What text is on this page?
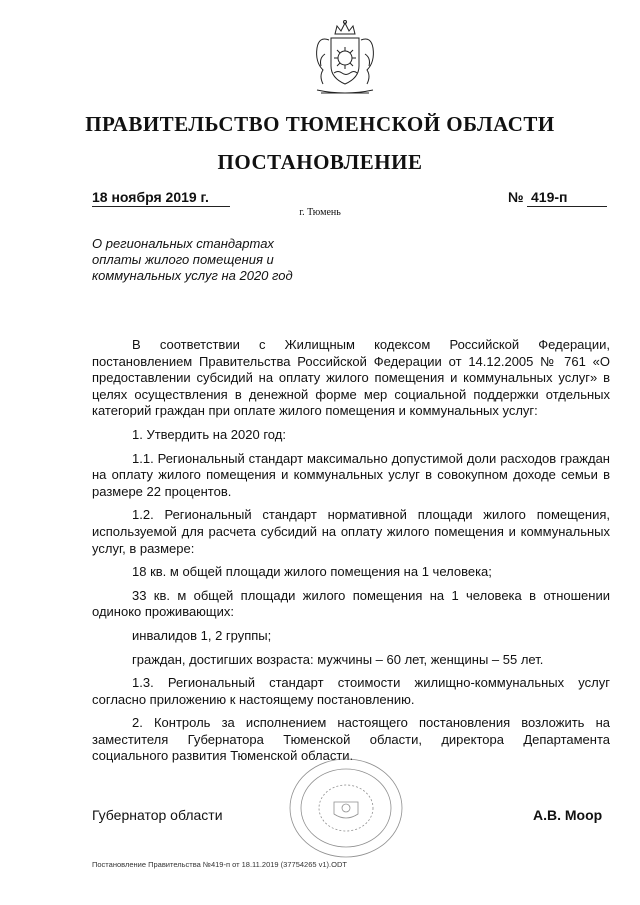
ПРАВИТЕЛЬСТВО ТЮМЕНСКОЙ ОБЛАСТИ
ПОСТАНОВЛЕНИЕ
18 ноября 2019 г.	№ 419-п
г. Тюмень
О региональных стандартах
оплаты жилого помещения и
коммунальных услуг на 2020 год

В соответствии с Жилищным кодексом Российской Федерации, постановлением Правительства Российской Федерации от 14.12.2005 № 761 «О предоставлении субсидий на оплату жилого помещения и коммунальных услуг» в целях осуществления в денежной форме мер социальной поддержки отдельных категорий граждан при оплате жилого помещения и коммунальных услуг:

1. Утвердить на 2020 год:

1.1. Региональный стандарт максимально допустимой доли расходов граждан на оплату жилого помещения и коммунальных услуг в совокупном доходе семьи в размере 22 процентов.

1.2. Региональный стандарт нормативной площади жилого помещения, используемой для расчета субсидий на оплату жилого помещения и коммунальных услуг, в размере:

18 кв. м общей площади жилого помещения на 1 человека;

33 кв. м общей площади жилого помещения на 1 человека в отношении одиноко проживающих:

инвалидов 1, 2 группы;

граждан, достигших возраста: мужчины – 60 лет, женщины – 55 лет.

1.3. Региональный стандарт стоимости жилищно-коммунальных услуг согласно приложению к настоящему постановлению.

2. Контроль за исполнением настоящего постановления возложить на заместителя Губернатора Тюменской области, директора Департамента социального развития Тюменской области.

Губернатор области	А.В. Моор
Постановление Правительства №419-п от 18.11.2019 (37754265 v1).ODT
